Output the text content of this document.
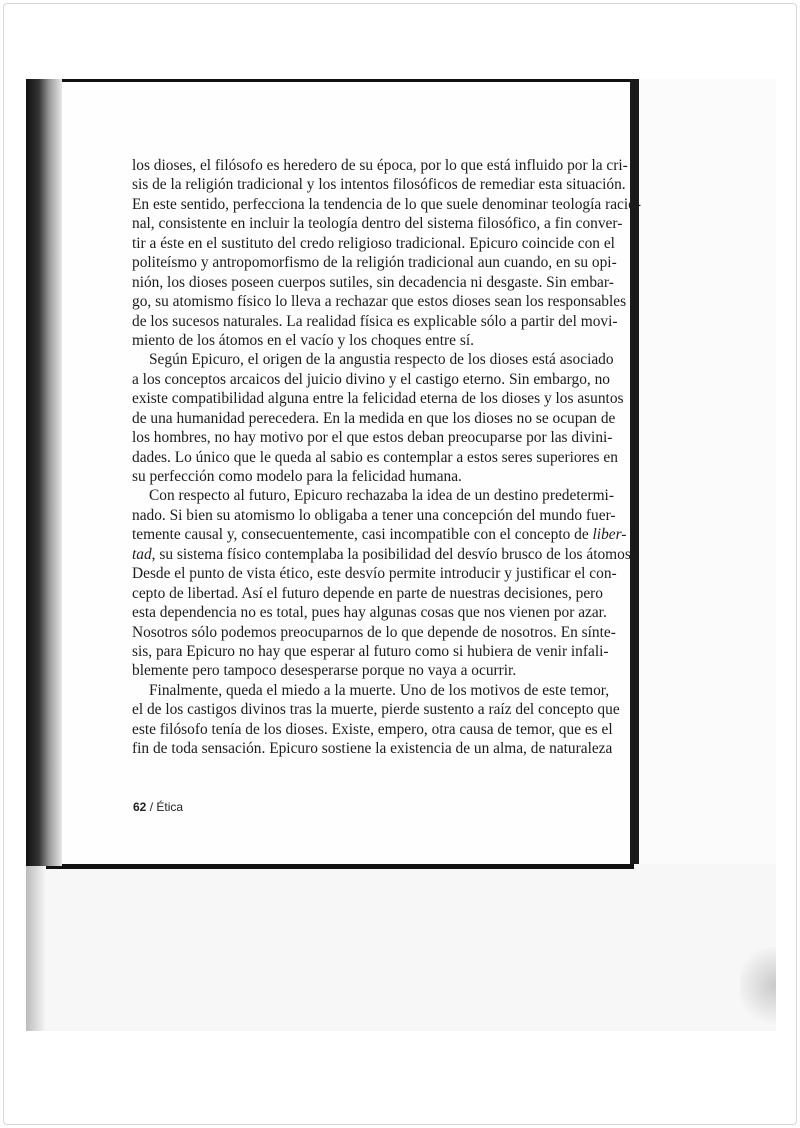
los dioses, el filósofo es heredero de su época, por lo que está influido por la cri-
sis de la religión tradicional y los intentos filosóficos de remediar esta situación.
En este sentido, perfecciona la tendencia de lo que suele denominar teología racio-
nal, consistente en incluir la teología dentro del sistema filosófico, a fin conver-
tir a éste en el sustituto del credo religioso tradicional. Epicuro coincide con el
politeísmo y antropomorfismo de la religión tradicional aun cuando, en su opi-
nión, los dioses poseen cuerpos sutiles, sin decadencia ni desgaste. Sin embar-
go, su atomismo físico lo lleva a rechazar que estos dioses sean los responsables
de los sucesos naturales. La realidad física es explicable sólo a partir del movi-
miento de los átomos en el vacío y los choques entre sí.
Según Epicuro, el origen de la angustia respecto de los dioses está asociado
a los conceptos arcaicos del juicio divino y el castigo eterno. Sin embargo, no
existe compatibilidad alguna entre la felicidad eterna de los dioses y los asuntos
de una humanidad perecedera. En la medida en que los dioses no se ocupan de
los hombres, no hay motivo por el que estos deban preocuparse por las divini-
dades. Lo único que le queda al sabio es contemplar a estos seres superiores en
su perfección como modelo para la felicidad humana.
Con respecto al futuro, Epicuro rechazaba la idea de un destino predetermi-
nado. Si bien su atomismo lo obligaba a tener una concepción del mundo fuer-
temente causal y, consecuentemente, casi incompatible con el concepto de liber-
tad, su sistema físico contemplaba la posibilidad del desvío brusco de los átomos.
Desde el punto de vista ético, este desvío permite introducir y justificar el con-
cepto de libertad. Así el futuro depende en parte de nuestras decisiones, pero
esta dependencia no es total, pues hay algunas cosas que nos vienen por azar.
Nosotros sólo podemos preocuparnos de lo que depende de nosotros. En sínte-
sis, para Epicuro no hay que esperar al futuro como si hubiera de venir infali-
blemente pero tampoco desesperarse porque no vaya a ocurrir.
Finalmente, queda el miedo a la muerte. Uno de los motivos de este temor,
el de los castigos divinos tras la muerte, pierde sustento a raíz del concepto que
este filósofo tenía de los dioses. Existe, empero, otra causa de temor, que es el
fin de toda sensación. Epicuro sostiene la existencia de un alma, de naturaleza
62 / Ética
